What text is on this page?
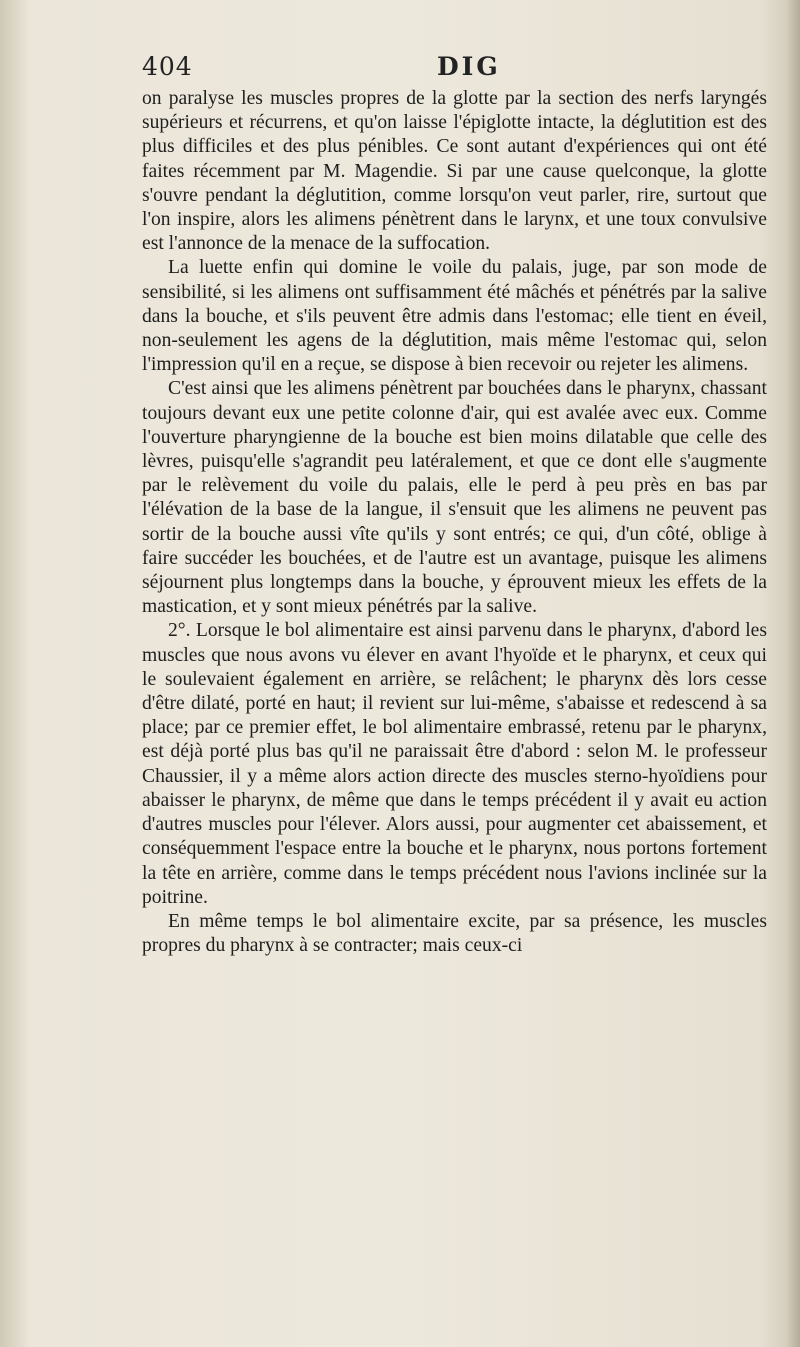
404	DIG

on paralyse les muscles propres de la glotte par la section des nerfs laryngés supérieurs et récurrens, et qu'on laisse l'épiglotte intacte, la déglutition est des plus difficiles et des plus pénibles. Ce sont autant d'expériences qui ont été faites récemment par M. Magendie. Si par une cause quelconque, la glotte s'ouvre pendant la déglutition, comme lorsqu'on veut parler, rire, surtout que l'on inspire, alors les alimens pénètrent dans le larynx, et une toux convulsive est l'annonce de la menace de la suffocation.

La luette enfin qui domine le voile du palais, juge, par son mode de sensibilité, si les alimens ont suffisamment été mâchés et pénétrés par la salive dans la bouche, et s'ils peuvent être admis dans l'estomac; elle tient en éveil, non-seulement les agens de la déglutition, mais même l'estomac qui, selon l'impression qu'il en a reçue, se dispose à bien recevoir ou rejeter les alimens.

C'est ainsi que les alimens pénètrent par bouchées dans le pharynx, chassant toujours devant eux une petite colonne d'air, qui est avalée avec eux. Comme l'ouverture pharyngienne de la bouche est bien moins dilatable que celle des lèvres, puisqu'elle s'agrandit peu latéralement, et que ce dont elle s'augmente par le relèvement du voile du palais, elle le perd à peu près en bas par l'élévation de la base de la langue, il s'ensuit que les alimens ne peuvent pas sortir de la bouche aussi vîte qu'ils y sont entrés; ce qui, d'un côté, oblige à faire succéder les bouchées, et de l'autre est un avantage, puisque les alimens séjournent plus longtemps dans la bouche, y éprouvent mieux les effets de la mastication, et y sont mieux pénétrés par la salive.

2°. Lorsque le bol alimentaire est ainsi parvenu dans le pharynx, d'abord les muscles que nous avons vu élever en avant l'hyoïde et le pharynx, et ceux qui le soulevaient également en arrière, se relâchent; le pharynx dès lors cesse d'être dilaté, porté en haut; il revient sur lui-même, s'abaisse et redescend à sa place; par ce premier effet, le bol alimentaire embrassé, retenu par le pharynx, est déjà porté plus bas qu'il ne paraissait être d'abord : selon M. le professeur Chaussier, il y a même alors action directe des muscles sterno-hyoïdiens pour abaisser le pharynx, de même que dans le temps précédent il y avait eu action d'autres muscles pour l'élever. Alors aussi, pour augmenter cet abaissement, et conséquemment l'espace entre la bouche et le pharynx, nous portons fortement la tête en arrière, comme dans le temps précédent nous l'avions inclinée sur la poitrine.

En même temps le bol alimentaire excite, par sa présence, les muscles propres du pharynx à se contracter; mais ceux-ci
